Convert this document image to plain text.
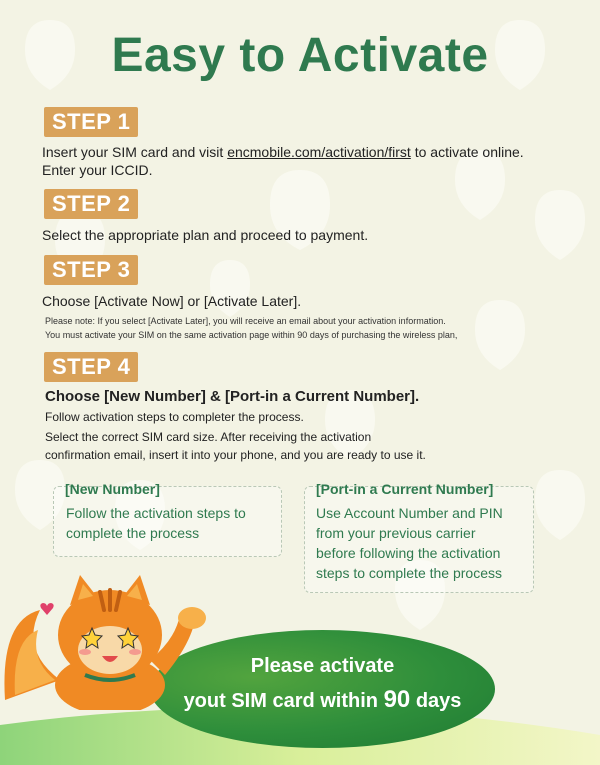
Easy to Activate
STEP 1
Insert your SIM card and visit encmobile.com/activation/first to activate online.
Enter your ICCID.
STEP 2
Select the appropriate plan and proceed to payment.
STEP 3
Choose [Activate Now] or [Activate Later].
Please note: If you select [Activate Later], you will receive an email about your activation information.
You must activate your SIM on the same activation page within 90 days of purchasing the wireless plan,
STEP 4
Choose [New Number] & [Port-in a Current Number].
Follow activation steps to completer the process.
Select the correct SIM card size. After receiving the activation
confirmation email, insert it into your phone, and you are ready to use it.
[New Number]
Follow the activation steps to
complete the process
[Port-in a Current Number]
Use Account Number and PIN
from your previous carrier
before following the activation
steps to complete the process
Please activate
yout SIM card within 90 days
